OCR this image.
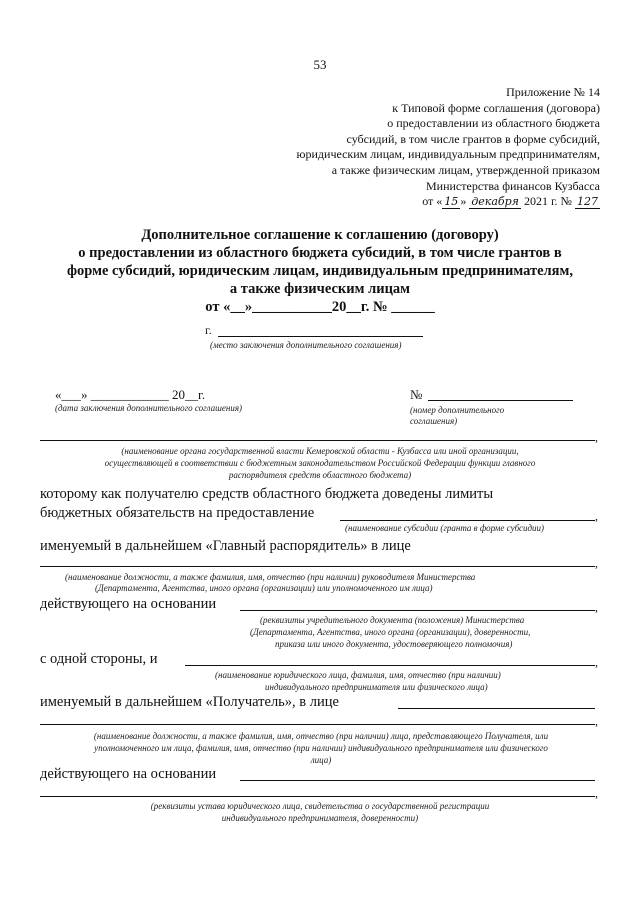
53
Приложение № 14
к Типовой форме соглашения (договора)
о предоставлении из областного бюджета
субсидий, в том числе грантов в форме субсидий,
юридическим лицам, индивидуальным предпринимателям,
а также физическим лицам, утвержденной приказом
Министерства финансов Кузбасса
от « 15 » декабря 2021 г. № 127
Дополнительное соглашение к соглашению (договору)
о предоставлении из областного бюджета субсидий, в том числе грантов в
форме субсидий, юридическим лицам, индивидуальным предпринимателям,
а также физическим лицам
от «__»___________20__г. № ______
г.
(место заключения дополнительного соглашения)
«___» ____________ 20__г.
(дата заключения дополнительного соглашения)
№
(номер дополнительного
соглашения)
,
(наименование органа государственной власти Кемеровской области - Кузбасса или иной организации,
осуществляющей в соответствии с бюджетным законодательством Российской Федерации функции главного
распорядителя средств областного бюджета)
которому как получателю средств областного бюджета доведены лимиты
бюджетных обязательств на предоставление	,
(наименование субсидии (гранта в форме субсидии)
именуемый в дальнейшем «Главный распорядитель» в лице
,
(наименование должности, а также фамилия, имя, отчество (при наличии) руководителя Министерства
(Департамента, Агентства, иного органа (организации) или уполномоченного им лица)
действующего на основании	,
(реквизиты учредительного документа (положения) Министерства
(Департамента, Агентства, иного органа (организации), доверенности,
приказа или иного документа, удостоверяющего полномочия)
с одной стороны, и	,
(наименование юридического лица, фамилия, имя, отчество (при наличии)
индивидуального предпринимателя или физического лица)
именуемый в дальнейшем «Получатель», в лице
,
(наименование должности, а также фамилия, имя, отчество (при наличии) лица, представляющего Получателя, или
уполномоченного им лица, фамилия, имя, отчество (при наличии) индивидуального предпринимателя или физического
лица)
действующего на основании
,
(реквизиты устава юридического лица, свидетельства о государственной регистрации
индивидуального предпринимателя, доверенности)
